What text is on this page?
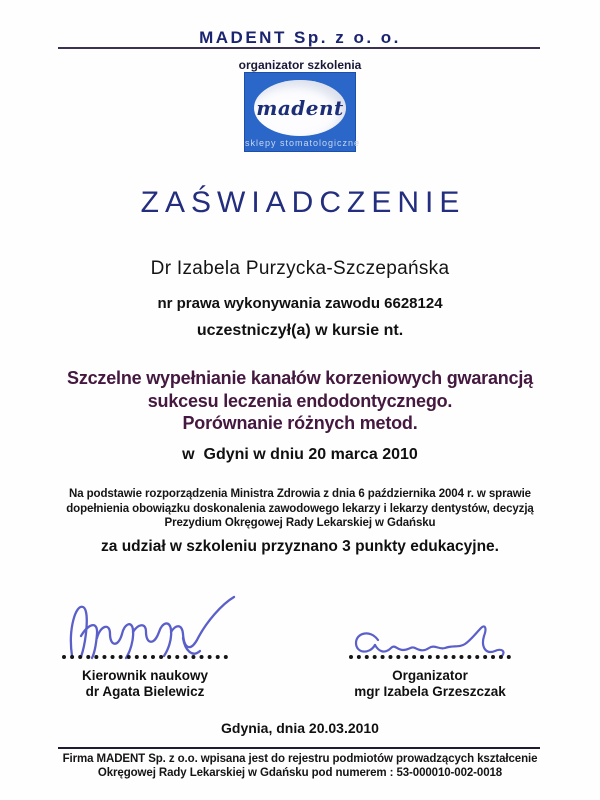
MADENT Sp. z o. o.
organizator szkolenia
madent
sklepy stomatologiczne
ZAŚWIADCZENIE
Dr Izabela Purzycka-Szczepańska
nr prawa wykonywania zawodu 6628124
uczestniczył(a) w kursie nt.
Szczelne wypełnianie kanałów korzeniowych gwarancją
sukcesu leczenia endodontycznego.
Porównanie różnych metod.
w  Gdyni w dniu 20 marca 2010
Na podstawie rozporządzenia Ministra Zdrowia z dnia 6 października 2004 r. w sprawie
dopełnienia obowiązku doskonalenia zawodowego lekarzy i lekarzy dentystów, decyzją
Prezydium Okręgowej Rady Lekarskiej w Gdańsku
za udział w szkoleniu przyznano 3 punkty edukacyjne.
Kierownik naukowy
dr Agata Bielewicz
Organizator
mgr Izabela Grzeszczak
Gdynia, dnia 20.03.2010
Firma MADENT Sp. z o.o. wpisana jest do rejestru podmiotów prowadzących kształcenie
Okręgowej Rady Lekarskiej w Gdańsku pod numerem : 53-000010-002-0018
